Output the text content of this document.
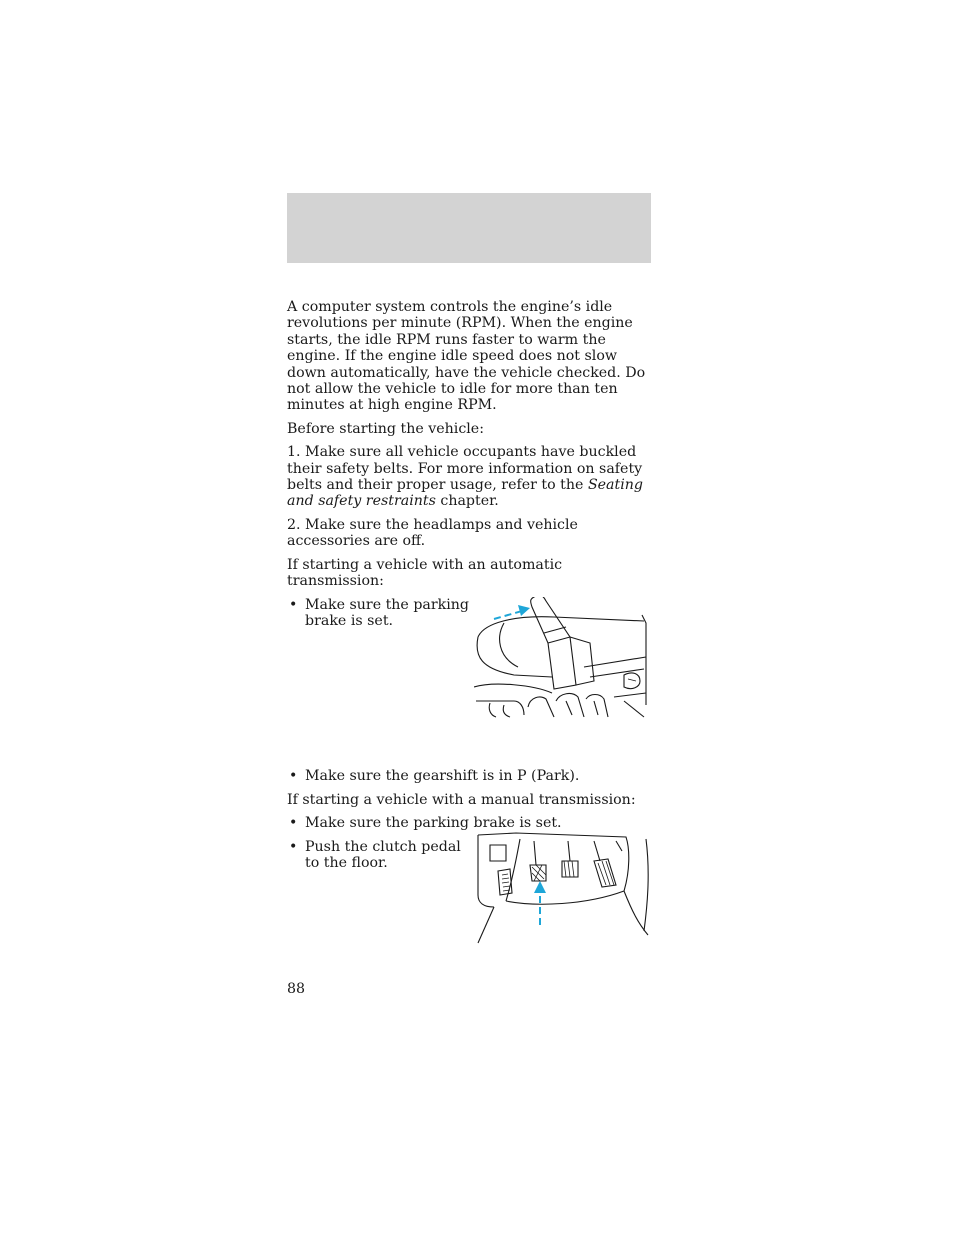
A computer system controls the engine’s idle revolutions per minute (RPM). When the engine starts, the idle RPM runs faster to warm the engine. If the engine idle speed does not slow down automatically, have the vehicle checked. Do not allow the vehicle to idle for more than ten minutes at high engine RPM.

Before starting the vehicle:

1. Make sure all vehicle occupants have buckled their safety belts. For more information on safety belts and their proper usage, refer to the Seating and safety restraints chapter.

2. Make sure the headlamps and vehicle accessories are off.

If starting a vehicle with an automatic transmission:

• Make sure the parking brake is set.
• Make sure the gearshift is in P (Park).

If starting a vehicle with a manual transmission:

• Make sure the parking brake is set.
• Push the clutch pedal to the floor.
88
